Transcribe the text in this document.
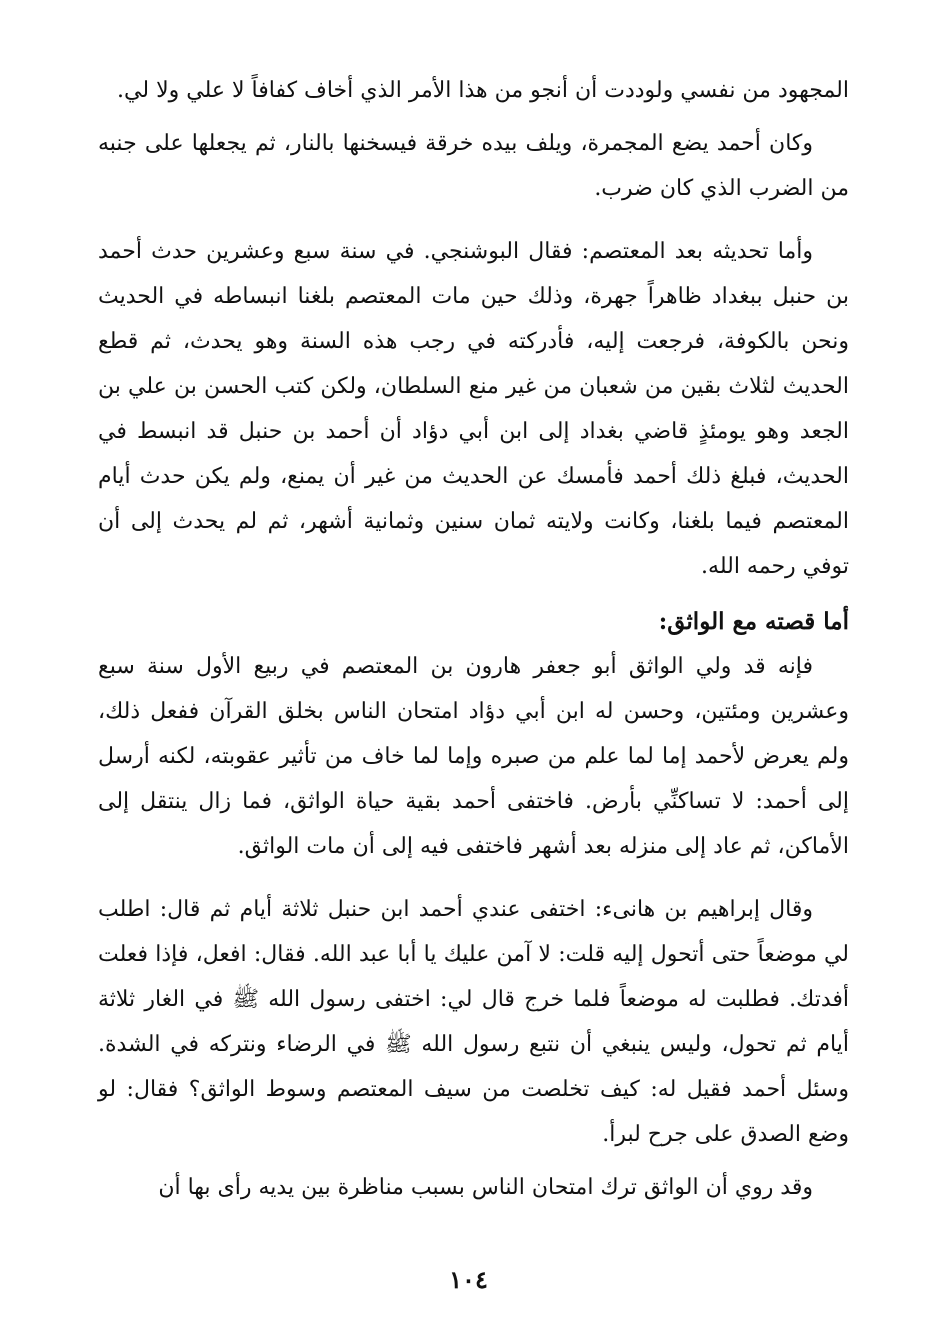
المجهود من نفسي ولوددت أن أنجو من هذا الأمر الذي أخاف كفافاً لا علي ولا لي.

وكان أحمد يضع المجمرة، ويلف بيده خرقة فيسخنها بالنار، ثم يجعلها على جنبه من الضرب الذي كان ضرب.

وأما تحديثه بعد المعتصم: فقال البوشنجي. في سنة سبع وعشرين حدث أحمد بن حنبل ببغداد ظاهراً جهرة، وذلك حين مات المعتصم بلغنا انبساطه في الحديث ونحن بالكوفة، فرجعت إليه، فأدركته في رجب هذه السنة وهو يحدث، ثم قطع الحديث لثلاث بقين من شعبان من غير منع السلطان، ولكن كتب الحسن بن علي بن الجعد وهو يومئذٍ قاضي بغداد إلى ابن أبي دؤاد أن أحمد بن حنبل قد انبسط في الحديث، فبلغ ذلك أحمد فأمسك عن الحديث من غير أن يمنع، ولم يكن حدث أيام المعتصم فيما بلغنا، وكانت ولايته ثمان سنين وثمانية أشهر، ثم لم يحدث إلى أن توفي رحمه الله.

أما قصته مع الواثق:

فإنه قد ولي الواثق أبو جعفر هارون بن المعتصم في ربيع الأول سنة سبع وعشرين ومئتين، وحسن له ابن أبي دؤاد امتحان الناس بخلق القرآن ففعل ذلك، ولم يعرض لأحمد إما لما علم من صبره وإما لما خاف من تأثير عقوبته، لكنه أرسل إلى أحمد: لا تساكنِّي بأرض. فاختفى أحمد بقية حياة الواثق، فما زال ينتقل إلى الأماكن، ثم عاد إلى منزله بعد أشهر فاختفى فيه إلى أن مات الواثق.

وقال إبراهيم بن هانىء: اختفى عندي أحمد ابن حنبل ثلاثة أيام ثم قال: اطلب لي موضعاً حتى أتحول إليه قلت: لا آمن عليك يا أبا عبد الله. فقال: افعل، فإذا فعلت أفدتك. فطلبت له موضعاً فلما خرج قال لي: اختفى رسول الله ﷺ في الغار ثلاثة أيام ثم تحول، وليس ينبغي أن نتبع رسول الله ﷺ في الرضاء ونتركه في الشدة. وسئل أحمد فقيل له: كيف تخلصت من سيف المعتصم وسوط الواثق؟ فقال: لو وضع الصدق على جرح لبرأ.

وقد روي أن الواثق ترك امتحان الناس بسبب مناظرة بين يديه رأى بها أن

١٠٤
